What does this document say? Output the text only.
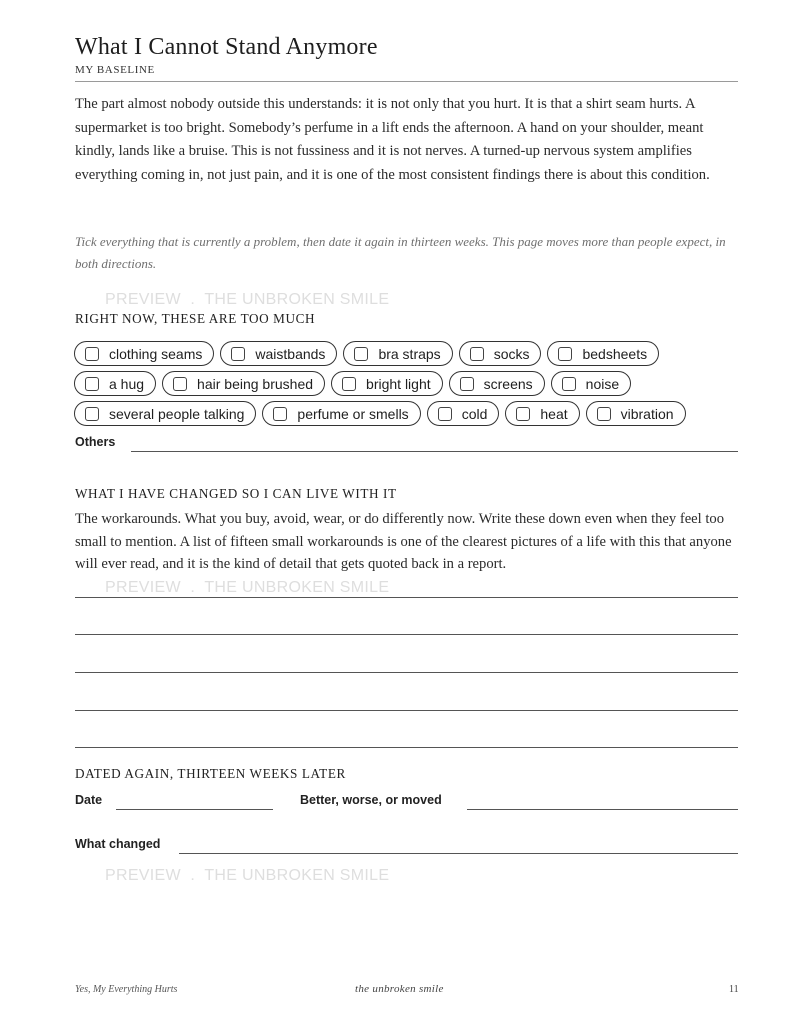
What I Cannot Stand Anymore
MY BASELINE

The part almost nobody outside this understands: it is not only that you hurt. It is that a shirt seam hurts. A supermarket is too bright. Somebody’s perfume in a lift ends the afternoon. A hand on your shoulder, meant kindly, lands like a bruise. This is not fussiness and it is not nerves. A turned-up nervous system amplifies everything coming in, not just pain, and it is one of the most consistent findings there is about this condition.

Tick everything that is currently a problem, then date it again in thirteen weeks. This page moves more than people expect, in both directions.

PREVIEW  .  THE UNBROKEN SMILE
RIGHT NOW, THESE ARE TOO MUCH
clothing seams	waistbands	bra straps	socks	bedsheets
a hug	hair being brushed	bright light	screens	noise
several people talking	perfume or smells	cold	heat	vibration
Others
WHAT I HAVE CHANGED SO I CAN LIVE WITH IT

The workarounds. What you buy, avoid, wear, or do differently now. Write these down even when they feel too small to mention. A list of fifteen small workarounds is one of the clearest pictures of a life with this that anyone will ever read, and it is the kind of detail that gets quoted back in a report.

PREVIEW  .  THE UNBROKEN SMILE
DATED AGAIN, THIRTEEN WEEKS LATER
Date	Better, worse, or moved
What changed
PREVIEW  .  THE UNBROKEN SMILE
Yes, My Everything Hurts	the unbroken smile	11
